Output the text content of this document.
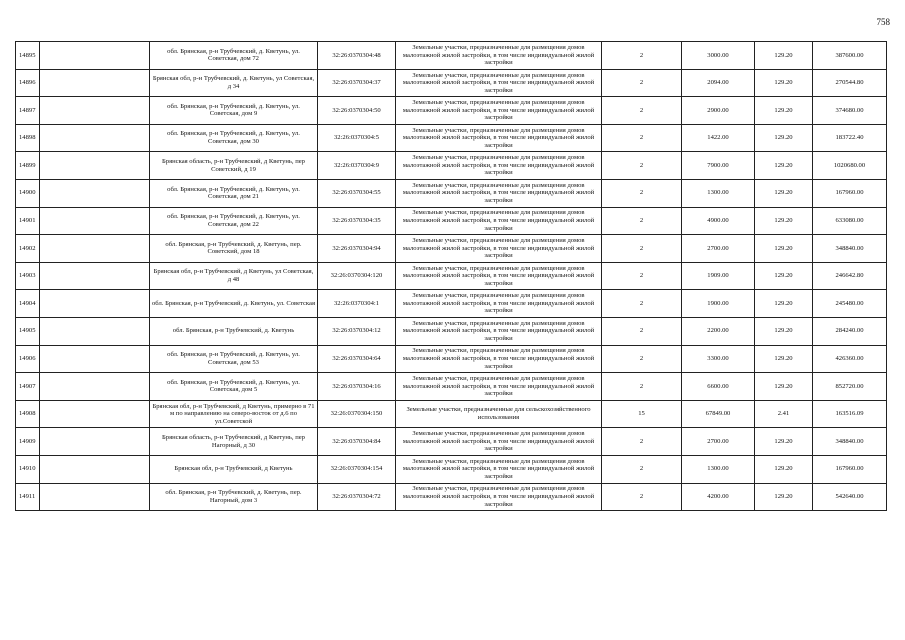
758
14895		обл. Брянская, р-н Трубчевский, д. Кветунь, ул. Советская, дом 72	32:26:0370304:48	Земельные участки, предназначенные для размещения домов малоэтажной жилой застройки, в том числе индивидуальной жилой застройки	2	3000.00	129.20	387600.00
14896		Брянская обл, р-н Трубчевский, д. Кветунь, ул Советская, д 34	32:26:0370304:37	Земельные участки, предназначенные для размещения домов малоэтажной жилой застройки, в том числе индивидуальной жилой застройки	2	2094.00	129.20	270544.80
14897		обл. Брянская, р-н Трубчевский, д. Кветунь, ул. Советская, дом 9	32:26:0370304:50	Земельные участки, предназначенные для размещения домов малоэтажной жилой застройки, в том числе индивидуальной жилой застройки	2	2900.00	129.20	374680.00
14898		обл. Брянская, р-н Трубчевский, д. Кветунь, ул. Советская, дом 30	32:26:0370304:5	Земельные участки, предназначенные для размещения домов малоэтажной жилой застройки, в том числе индивидуальной жилой застройки	2	1422.00	129.20	183722.40
14899		Брянская область, р-н Трубчевский, д Кветунь, пер Советский, д 19	32:26:0370304:9	Земельные участки, предназначенные для размещения домов малоэтажной жилой застройки, в том числе индивидуальной жилой застройки	2	7900.00	129.20	1020680.00
14900		обл. Брянская, р-н Трубчевский, д. Кветунь, ул. Советская, дом 21	32:26:0370304:55	Земельные участки, предназначенные для размещения домов малоэтажной жилой застройки, в том числе индивидуальной жилой застройки	2	1300.00	129.20	167960.00
14901		обл. Брянская, р-н Трубчевский, д. Кветунь, ул. Советская, дом 22	32:26:0370304:35	Земельные участки, предназначенные для размещения домов малоэтажной жилой застройки, в том числе индивидуальной жилой застройки	2	4900.00	129.20	633080.00
14902		обл. Брянская, р-н Трубчевский, д. Кветунь, пер. Советский, дом 18	32:26:0370304:94	Земельные участки, предназначенные для размещения домов малоэтажной жилой застройки, в том числе индивидуальной жилой застройки	2	2700.00	129.20	348840.00
14903		Брянская обл, р-н Трубчевский, д Кветунь, ул Советская, д 48	32:26:0370304:120	Земельные участки, предназначенные для размещения домов малоэтажной жилой застройки, в том числе индивидуальной жилой застройки	2	1909.00	129.20	246642.80
14904		обл. Брянская, р-н Трубчевский, д. Кветунь, ул. Советская	32:26:0370304:1	Земельные участки, предназначенные для размещения домов малоэтажной жилой застройки, в том числе индивидуальной жилой застройки	2	1900.00	129.20	245480.00
14905		обл. Брянская, р-н Трубчевский, д. Кветунь	32:26:0370304:12	Земельные участки, предназначенные для размещения домов малоэтажной жилой застройки, в том числе индивидуальной жилой застройки	2	2200.00	129.20	284240.00
14906		обл. Брянская, р-н Трубчевский, д. Кветунь, ул. Советская, дом 53	32:26:0370304:64	Земельные участки, предназначенные для размещения домов малоэтажной жилой застройки, в том числе индивидуальной жилой застройки	2	3300.00	129.20	426360.00
14907		обл. Брянская, р-н Трубчевский, д. Кветунь, ул. Советская, дом 5	32:26:0370304:16	Земельные участки, предназначенные для размещения домов малоэтажной жилой застройки, в том числе индивидуальной жилой застройки	2	6600.00	129.20	852720.00
14908		Брянская обл, р-н Трубчевский, д Кветунь, примерно в 71 м по направлению на северо-восток от д.6 по ул.Советской	32:26:0370304:150	Земельные участки, предназначенные для сельскохозяйственного использования	15	67849.00	2.41	163516.09
14909		Брянская область, р-н Трубчевский, д Кветунь, пер Нагорный, д 30	32:26:0370304:84	Земельные участки, предназначенные для размещения домов малоэтажной жилой застройки, в том числе индивидуальной жилой застройки	2	2700.00	129.20	348840.00
14910		Брянская обл, р-н Трубчевский, д Кветунь	32:26:0370304:154	Земельные участки, предназначенные для размещения домов малоэтажной жилой застройки, в том числе индивидуальной жилой застройки	2	1300.00	129.20	167960.00
14911		обл. Брянская, р-н Трубчевский, д. Кветунь, пер. Нагорный, дом 3	32:26:0370304:72	Земельные участки, предназначенные для размещения домов малоэтажной жилой застройки, в том числе индивидуальной жилой застройки	2	4200.00	129.20	542640.00
